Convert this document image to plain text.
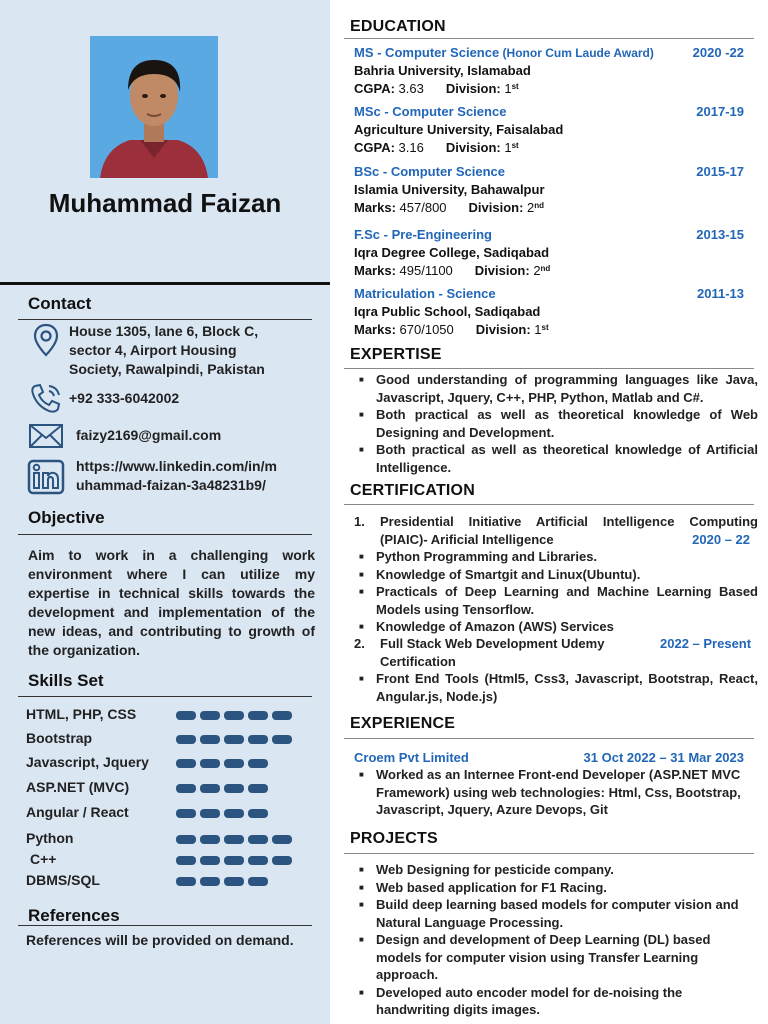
Muhammad Faizan
Contact
House 1305, lane 6, Block C,
sector 4, Airport Housing
Society, Rawalpindi, Pakistan
+92 333-6042002
faizy2169@gmail.com
https://www.linkedin.com/in/m
uhammad-faizan-3a48231b9/
Objective
Aim to work in a challenging work environment where I can utilize my expertise in technical skills towards the development and implementation of the new ideas, and contributing to growth of the organization.
Skills Set
HTML, PHP, CSS
Bootstrap
Javascript, Jquery
ASP.NET (MVC)
Angular / React
Python
C++
DBMS/SQL
References
References will be provided on demand.
EDUCATION
MS - Computer Science (Honor Cum Laude Award)	2020 -22
Bahria University, Islamabad
CGPA: 3.63 Division: 1st
MSc - Computer Science	2017-19
Agriculture University, Faisalabad
CGPA: 3.16 Division: 1st
BSc - Computer Science	2015-17
Islamia University, Bahawalpur
Marks: 457/800 Division: 2nd
F.Sc - Pre-Engineering	2013-15
Iqra Degree College, Sadiqabad
Marks: 495/1100 Division: 2nd
Matriculation - Science	2011-13
Iqra Public School, Sadiqabad
Marks: 670/1050 Division: 1st
EXPERTISE
■ Good understanding of programming languages like Java, Javascript, Jquery, C++, PHP, Python, Matlab and C#.
■ Both practical as well as theoretical knowledge of Web Designing and Development.
■ Both practical as well as theoretical knowledge of Artificial Intelligence.
CERTIFICATION
1. Presidential Initiative Artificial Intelligence Computing (PIAIC)- Arificial Intelligence	2020 – 22
■ Python Programming and Libraries.
■ Knowledge of Smartgit and Linux(Ubuntu).
■ Practicals of Deep Learning and Machine Learning Based Models using Tensorflow.
■ Knowledge of Amazon (AWS) Services
2. Full Stack Web Development Udemy Certification
2022 – Present
■ Front End Tools (Html5, Css3, Javascript, Bootstrap, React, Angular.js, Node.js)
EXPERIENCE
Croem Pvt Limited	31 Oct 2022 – 31 Mar 2023
■ Worked as an Internee Front-end Developer (ASP.NET MVC Framework) using web technologies: Html, Css, Bootstrap, Javascript, Jquery, Azure Devops, Git
PROJECTS
■ Web Designing for pesticide company.
■ Web based application for F1 Racing.
■ Build deep learning based models for computer vision and Natural Language Processing.
■ Design and development of Deep Learning (DL) based models for computer vision using Transfer Learning approach.
■ Developed auto encoder model for de-noising the handwriting digits images.
